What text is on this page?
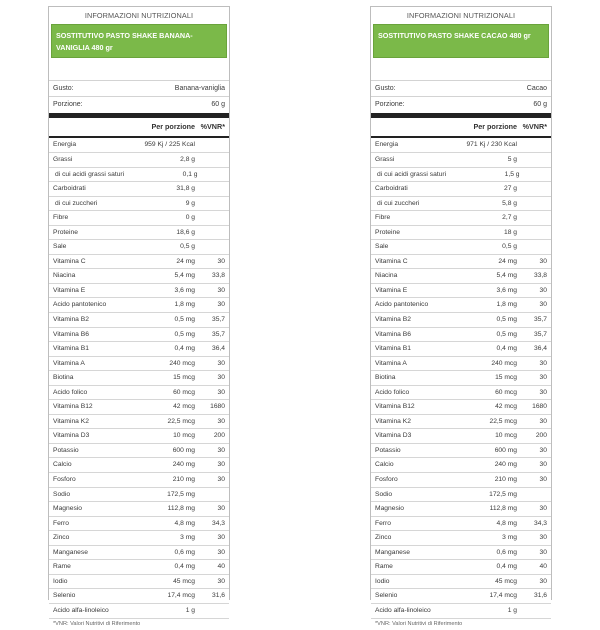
INFORMAZIONI NUTRIZIONALI
SOSTITUTIVO PASTO SHAKE BANANA-VANIGLIA 480 gr
Gusto:	Banana-vaniglia
Porzione:	60 g
Per porzione %VNR*
Energia	959 Kj / 225 Kcal
Grassi	2,8 g
di cui acidi grassi saturi	0,1 g
Carboidrati	31,8 g
di cui zuccheri	9 g
Fibre	0 g
Proteine	18,6 g
Sale	0,5 g
Vitamina C	24 mg	30
Niacina	5,4 mg	33,8
Vitamina E	3,6 mg	30
Acido pantotenico	1,8 mg	30
Vitamina B2	0,5 mg	35,7
Vitamina B6	0,5 mg	35,7
Vitamina B1	0,4 mg	36,4
Vitamina A	240 mcg	30
Biotina	15 mcg	30
Acido folico	60 mcg	30
Vitamina B12	42 mcg	1680
Vitamina K2	22,5 mcg	30
Vitamina D3	10 mcg	200
Potassio	600 mg	30
Calcio	240 mg	30
Fosforo	210 mg	30
Sodio	172,5 mg
Magnesio	112,8 mg	30
Ferro	4,8 mg	34,3
Zinco	3 mg	30
Manganese	0,6 mg	30
Rame	0,4 mg	40
Iodio	45 mcg	30
Selenio	17,4 mcg	31,6
Acido alfa-linoleico	1 g
*VNR: Valori Nutritivi di Riferimento
INFORMAZIONI NUTRIZIONALI
SOSTITUTIVO PASTO SHAKE CACAO 480 gr
Gusto:	Cacao
Porzione:	60 g
Per porzione %VNR*
Energia	971 Kj / 230 Kcal
Grassi	5 g
di cui acidi grassi saturi	1,5 g
Carboidrati	27 g
di cui zuccheri	5,8 g
Fibre	2,7 g
Proteine	18 g
Sale	0,5 g
Vitamina C	24 mg	30
Niacina	5,4 mg	33,8
Vitamina E	3,6 mg	30
Acido pantotenico	1,8 mg	30
Vitamina B2	0,5 mg	35,7
Vitamina B6	0,5 mg	35,7
Vitamina B1	0,4 mg	36,4
Vitamina A	240 mcg	30
Biotina	15 mcg	30
Acido folico	60 mcg	30
Vitamina B12	42 mcg	1680
Vitamina K2	22,5 mcg	30
Vitamina D3	10 mcg	200
Potassio	600 mg	30
Calcio	240 mg	30
Fosforo	210 mg	30
Sodio	172,5 mg
Magnesio	112,8 mg	30
Ferro	4,8 mg	34,3
Zinco	3 mg	30
Manganese	0,6 mg	30
Rame	0,4 mg	40
Iodio	45 mcg	30
Selenio	17,4 mcg	31,6
Acido alfa-linoleico	1 g
*VNR: Valori Nutritivi di Riferimento
